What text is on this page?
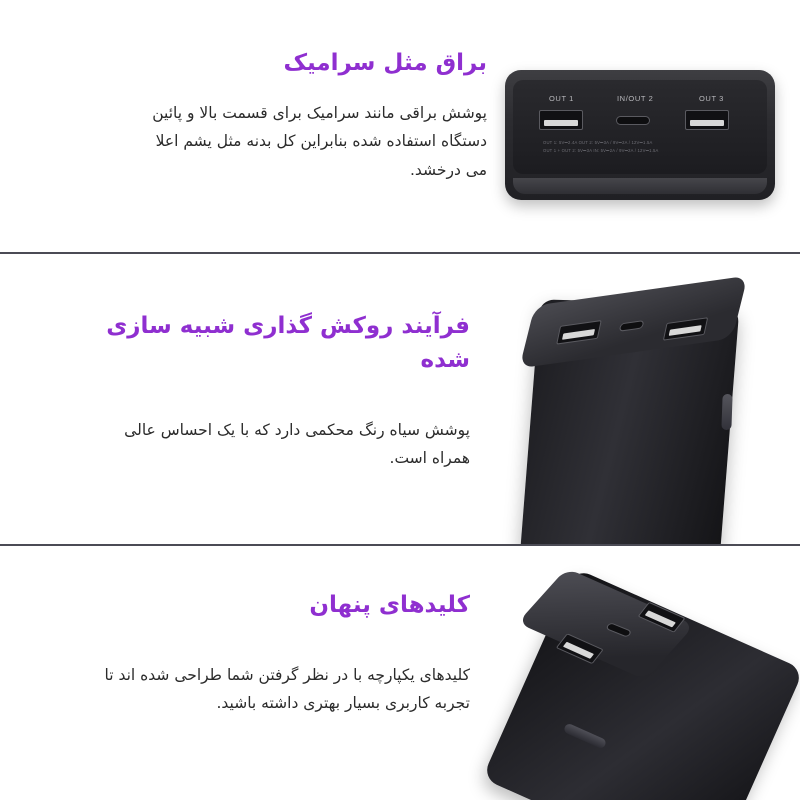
OUT 1	IN/OUT 2	OUT 3
OUT 1: 5V⎓2.4A OUT 2: 5V⎓3A / 9V⎓2A / 12V⎓1.5A
OUT 1 + OUT 2: 5V⎓3A IN: 5V⎓2A / 9V⎓2A / 12V⎓1.5A
براق مثل سرامیک
پوشش براقی مانند سرامیک برای قسمت بالا و پائین دستگاه استفاده شده بنابراین کل بدنه مثل یشم اعلا می درخشد.
فرآیند روکش گذاری شبیه سازی شده
پوشش سیاه رنگ محکمی دارد که با یک احساس عالی همراه است.
کلیدهای پنهان
کلیدهای یکپارچه با در نظر گرفتن شما طراحی شده اند تا تجربه کاربری بسیار بهتری داشته باشید.
